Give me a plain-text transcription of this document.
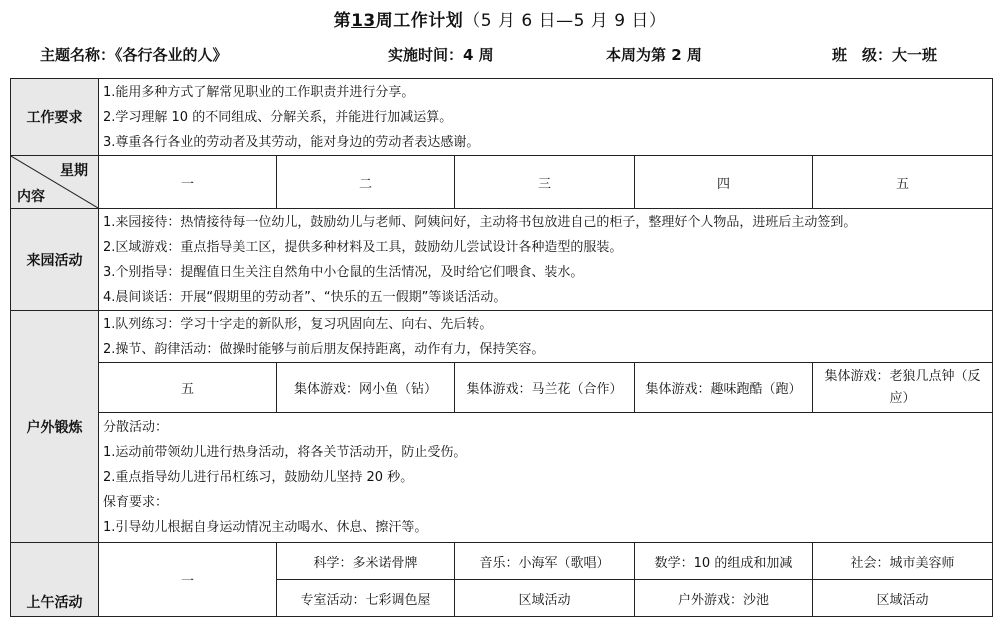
第13周工作计划（5 月 6 日—5 月 9 日）
主题名称：《各行各业的人》	实施时间：4 周	本周为第 2 周	班　级：大一班
工作要求	1.能用多种方式了解常见职业的工作职责并进行分享。
2.学习理解 10 的不同组成、分解关系，并能进行加减运算。
3.尊重各行各业的劳动者及其劳动，能对身边的劳动者表达感谢。				

星期
内容	一	二	三	四	五
来园活动	1.来园接待：热情接待每一位幼儿，鼓励幼儿与老师、阿姨问好，主动将书包放进自己的柜子，整理好个人物品，进班后主动签到。
2.区域游戏：重点指导美工区，提供多种材料及工具，鼓励幼儿尝试设计各种造型的服装。
3.个别指导：提醒值日生关注自然角中小仓鼠的生活情况，及时给它们喂食、装水。
4.晨间谈话：开展“假期里的劳动者”、“快乐的五一假期”等谈话活动。				

户外锻炼	1.队列练习：学习十字走的新队形，复习巩固向左、向右、先后转。
2.操节、韵律活动：做操时能够与前后朋友保持距离，动作有力，保持笑容。				

	五	集体游戏：网小鱼（钻）	集体游戏：马兰花（合作）	集体游戏：趣味跑酷（跑）	集体游戏：老狼几点钟（反应）

	分散活动：
1.运动前带领幼儿进行热身活动，将各关节活动开，防止受伤。
2.重点指导幼儿进行吊杠练习，鼓励幼儿坚持 20 秒。
保育要求：
1.引导幼儿根据自身运动情况主动喝水、休息、擦汗等。				

上午活动	一	科学：多米诺骨牌	音乐：小海军（歌唱）	数学：10 的组成和加减	社会：城市美容师
		专室活动：七彩调色屋	区域活动	户外游戏：沙池	区域活动
